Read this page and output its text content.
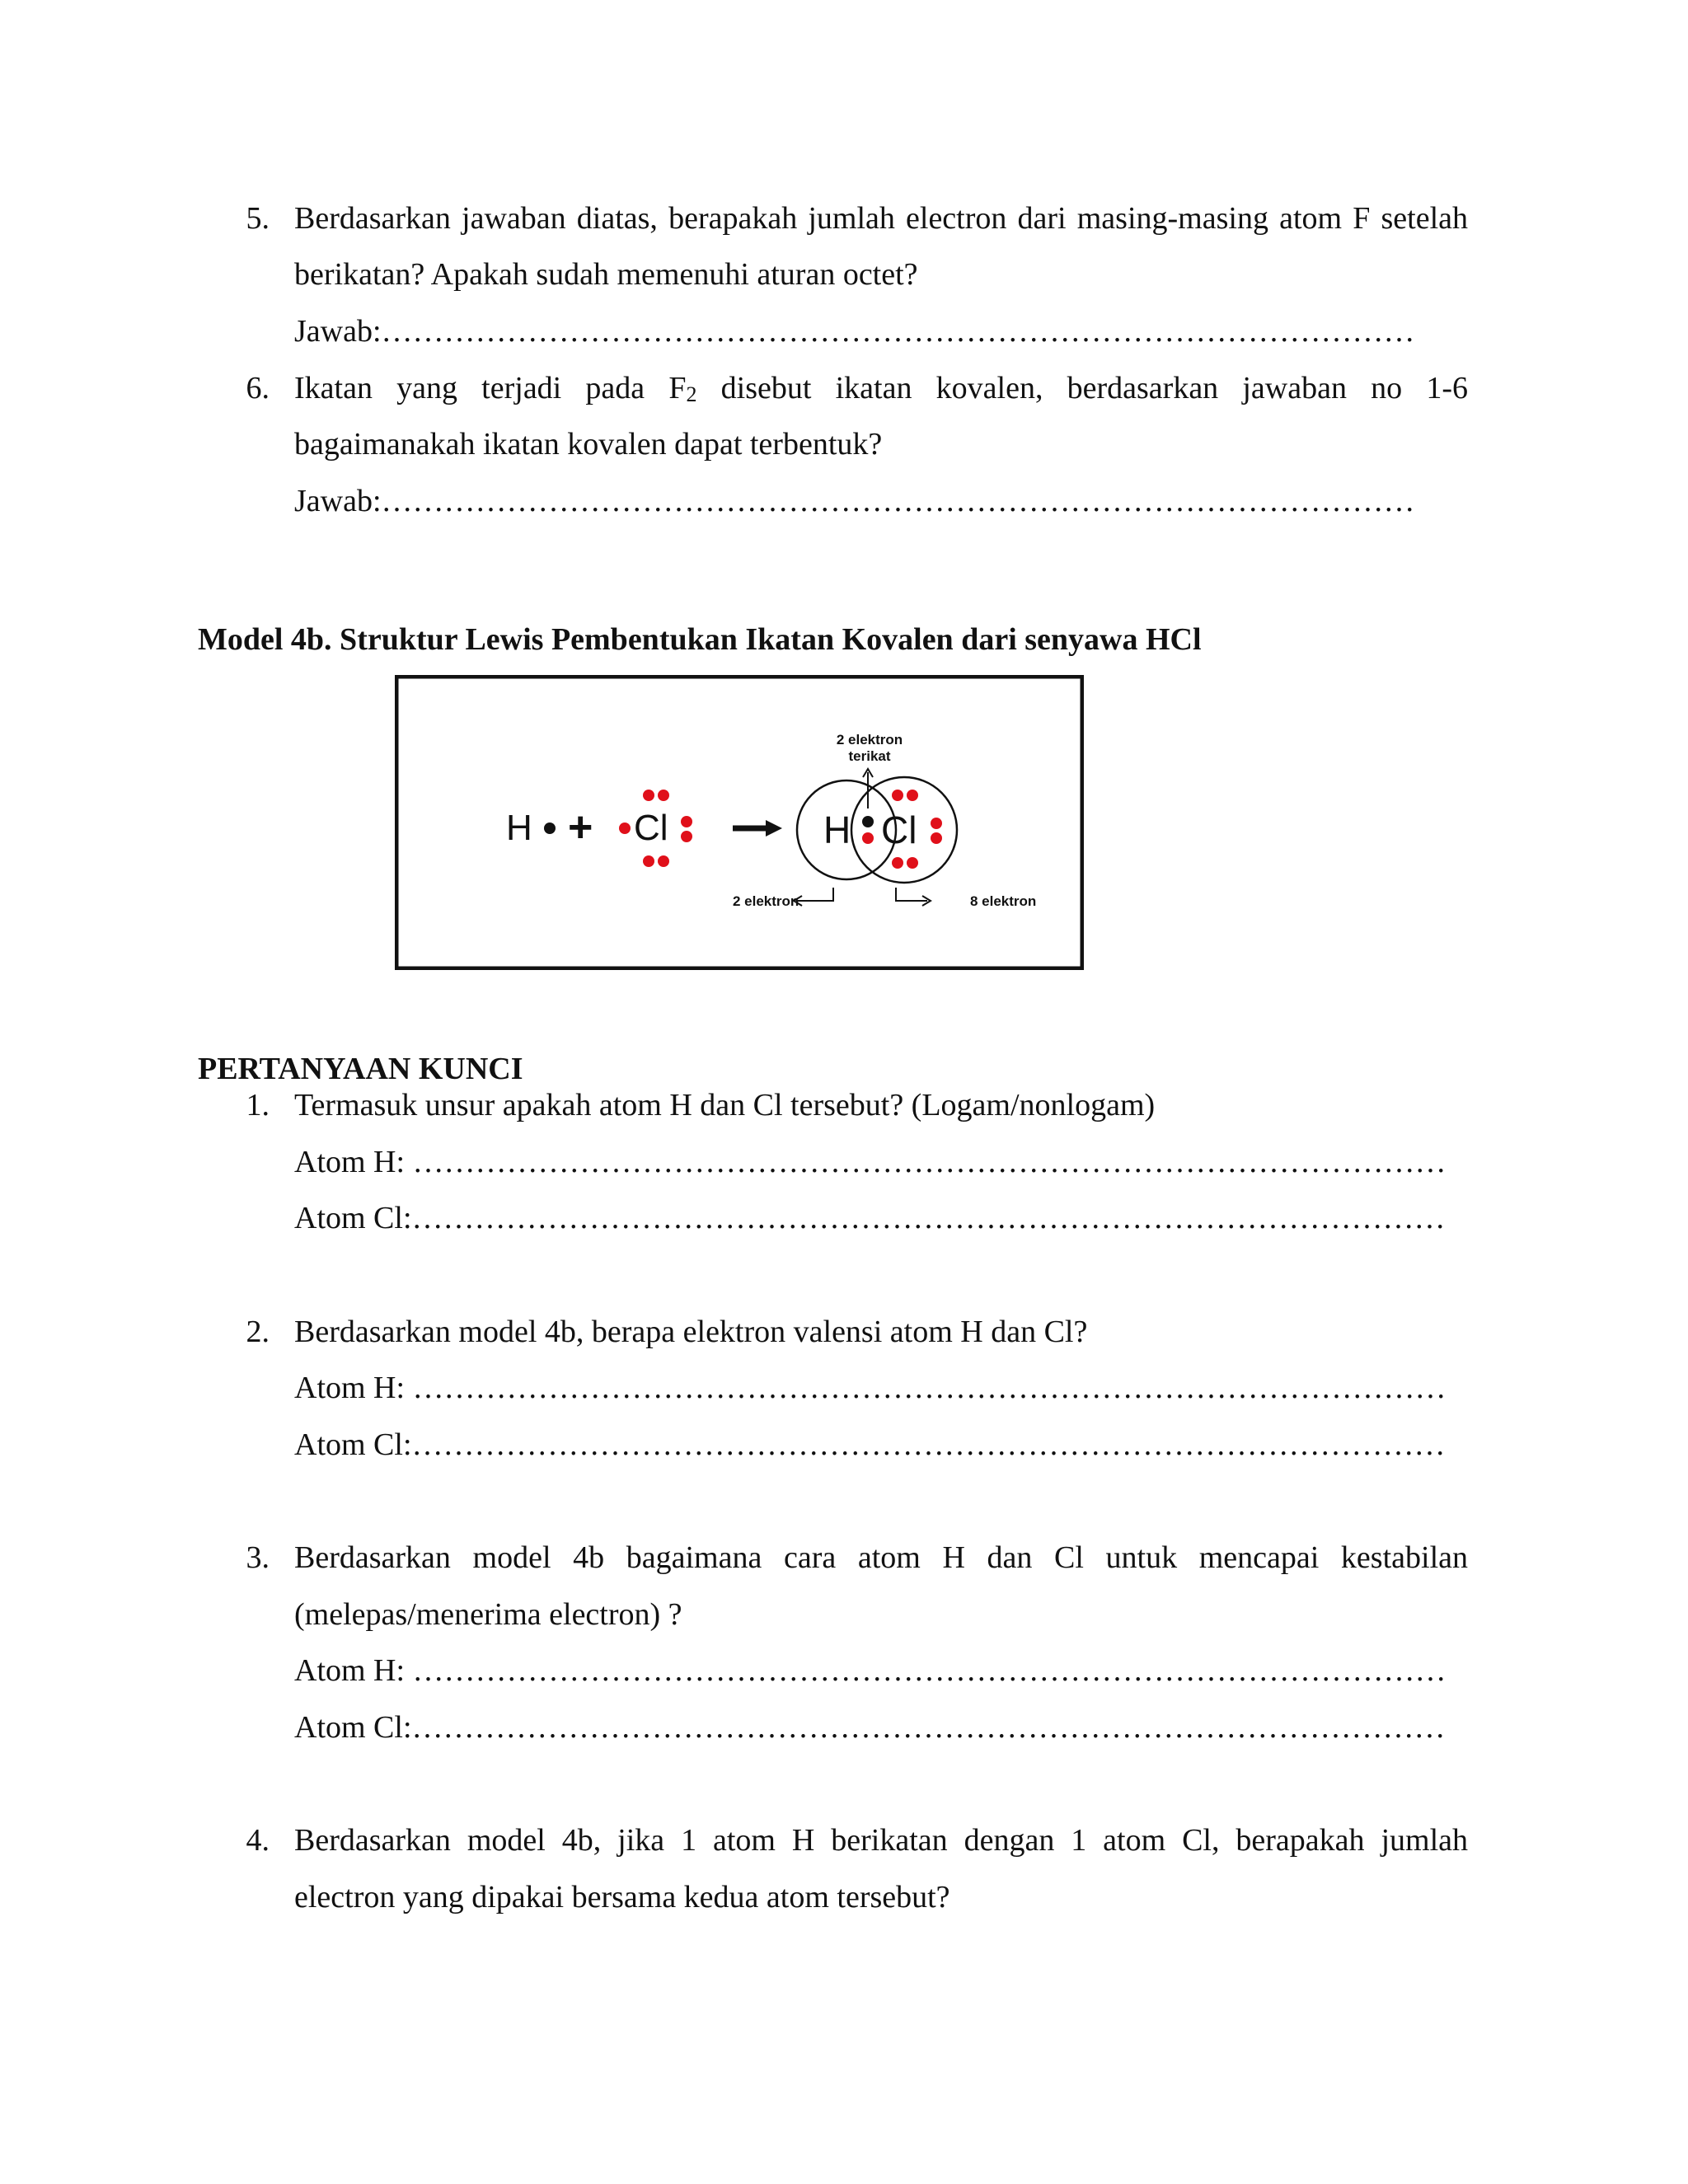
5. Berdasarkan jawaban diatas, berapakah jumlah electron dari masing-masing atom F setelah
berikatan? Apakah sudah memenuhi aturan octet?
Jawab:………………………………………………………………………………………
6. Ikatan yang terjadi pada $F_2$ disebut ikatan kovalen, berdasarkan jawaban no 1-6
bagaimanakah ikatan kovalen dapat terbentuk?
Jawab:………………………………………………………………………………………
Model 4b. Struktur Lewis Pembentukan Ikatan Kovalen dari senyawa HCl
H + Cl	H Cl
2 elektron
terikat
2 elektron	8 elektron
PERTANYAAN KUNCI
1. Termasuk unsur apakah atom H dan Cl tersebut? (Logam/nonlogam)
Atom H: ………………………………………………………………………………………
Atom Cl:………………………………………………………………………………………
2. Berdasarkan model 4b, berapa elektron valensi atom H dan Cl?
Atom H: ………………………………………………………………………………………
Atom Cl:………………………………………………………………………………………
3. Berdasarkan model 4b bagaimana cara atom H dan Cl untuk mencapai kestabilan
(melepas/menerima electron) ?
Atom H: ………………………………………………………………………………………
Atom Cl:………………………………………………………………………………………
4. Berdasarkan model 4b, jika 1 atom H berikatan dengan 1 atom Cl, berapakah jumlah
electron yang dipakai bersama kedua atom tersebut?
